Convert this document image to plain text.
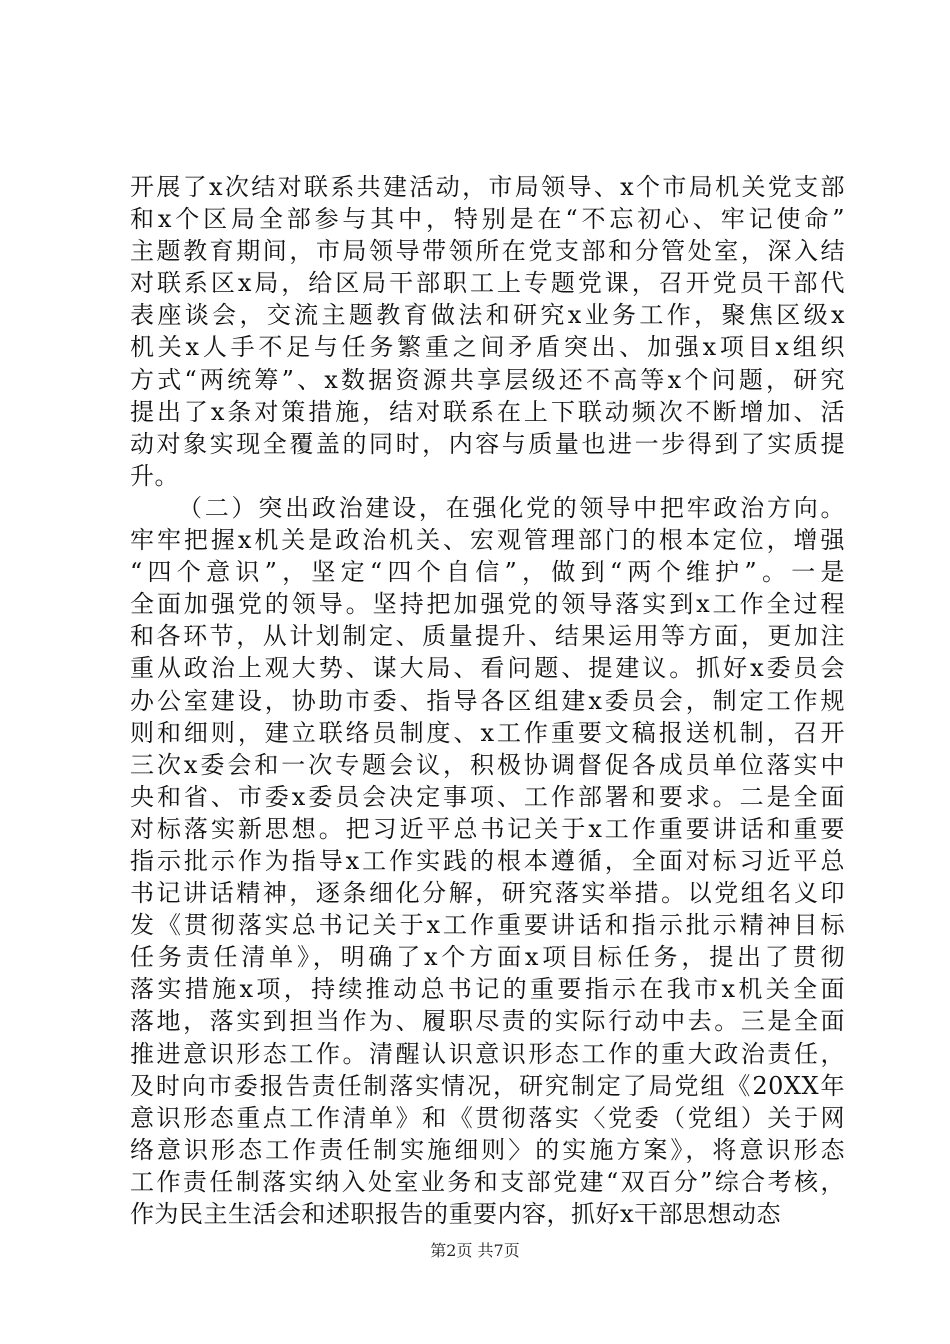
开展了x次结对联系共建活动，市局领导、x个市局机关党支部
和x个区局全部参与其中，特别是在“不忘初心、牢记使命”
主题教育期间，市局领导带领所在党支部和分管处室，深入结
对联系区x局，给区局干部职工上专题党课，召开党员干部代
表座谈会，交流主题教育做法和研究x业务工作，聚焦区级x
机关x人手不足与任务繁重之间矛盾突出、加强x项目x组织
方式“两统筹”、x数据资源共享层级还不高等x个问题，研究
提出了x条对策措施，结对联系在上下联动频次不断增加、活
动对象实现全覆盖的同时，内容与质量也进一步得到了实质提
升。
（二）突出政治建设，在强化党的领导中把牢政治方向。
牢牢把握x机关是政治机关、宏观管理部门的根本定位，增强
“四个意识”，坚定“四个自信”，做到“两个维护”。一是
全面加强党的领导。坚持把加强党的领导落实到x工作全过程
和各环节，从计划制定、质量提升、结果运用等方面，更加注
重从政治上观大势、谋大局、看问题、提建议。抓好x委员会
办公室建设，协助市委、指导各区组建x委员会，制定工作规
则和细则，建立联络员制度、x工作重要文稿报送机制，召开
三次x委会和一次专题会议，积极协调督促各成员单位落实中
央和省、市委x委员会决定事项、工作部署和要求。二是全面
对标落实新思想。把习近平总书记关于x工作重要讲话和重要
指示批示作为指导x工作实践的根本遵循，全面对标习近平总
书记讲话精神，逐条细化分解，研究落实举措。以党组名义印
发《贯彻落实总书记关于x工作重要讲话和指示批示精神目标
任务责任清单》，明确了x个方面x项目标任务，提出了贯彻
落实措施x项，持续推动总书记的重要指示在我市x机关全面
落地，落实到担当作为、履职尽责的实际行动中去。三是全面
推进意识形态工作。清醒认识意识形态工作的重大政治责任，
及时向市委报告责任制落实情况，研究制定了局党组《20XX年
意识形态重点工作清单》和《贯彻落实〈党委（党组）关于网
络意识形态工作责任制实施细则〉的实施方案》，将意识形态
工作责任制落实纳入处室业务和支部党建“双百分”综合考核，
作为民主生活会和述职报告的重要内容，抓好x干部思想动态
第2页 共7页
